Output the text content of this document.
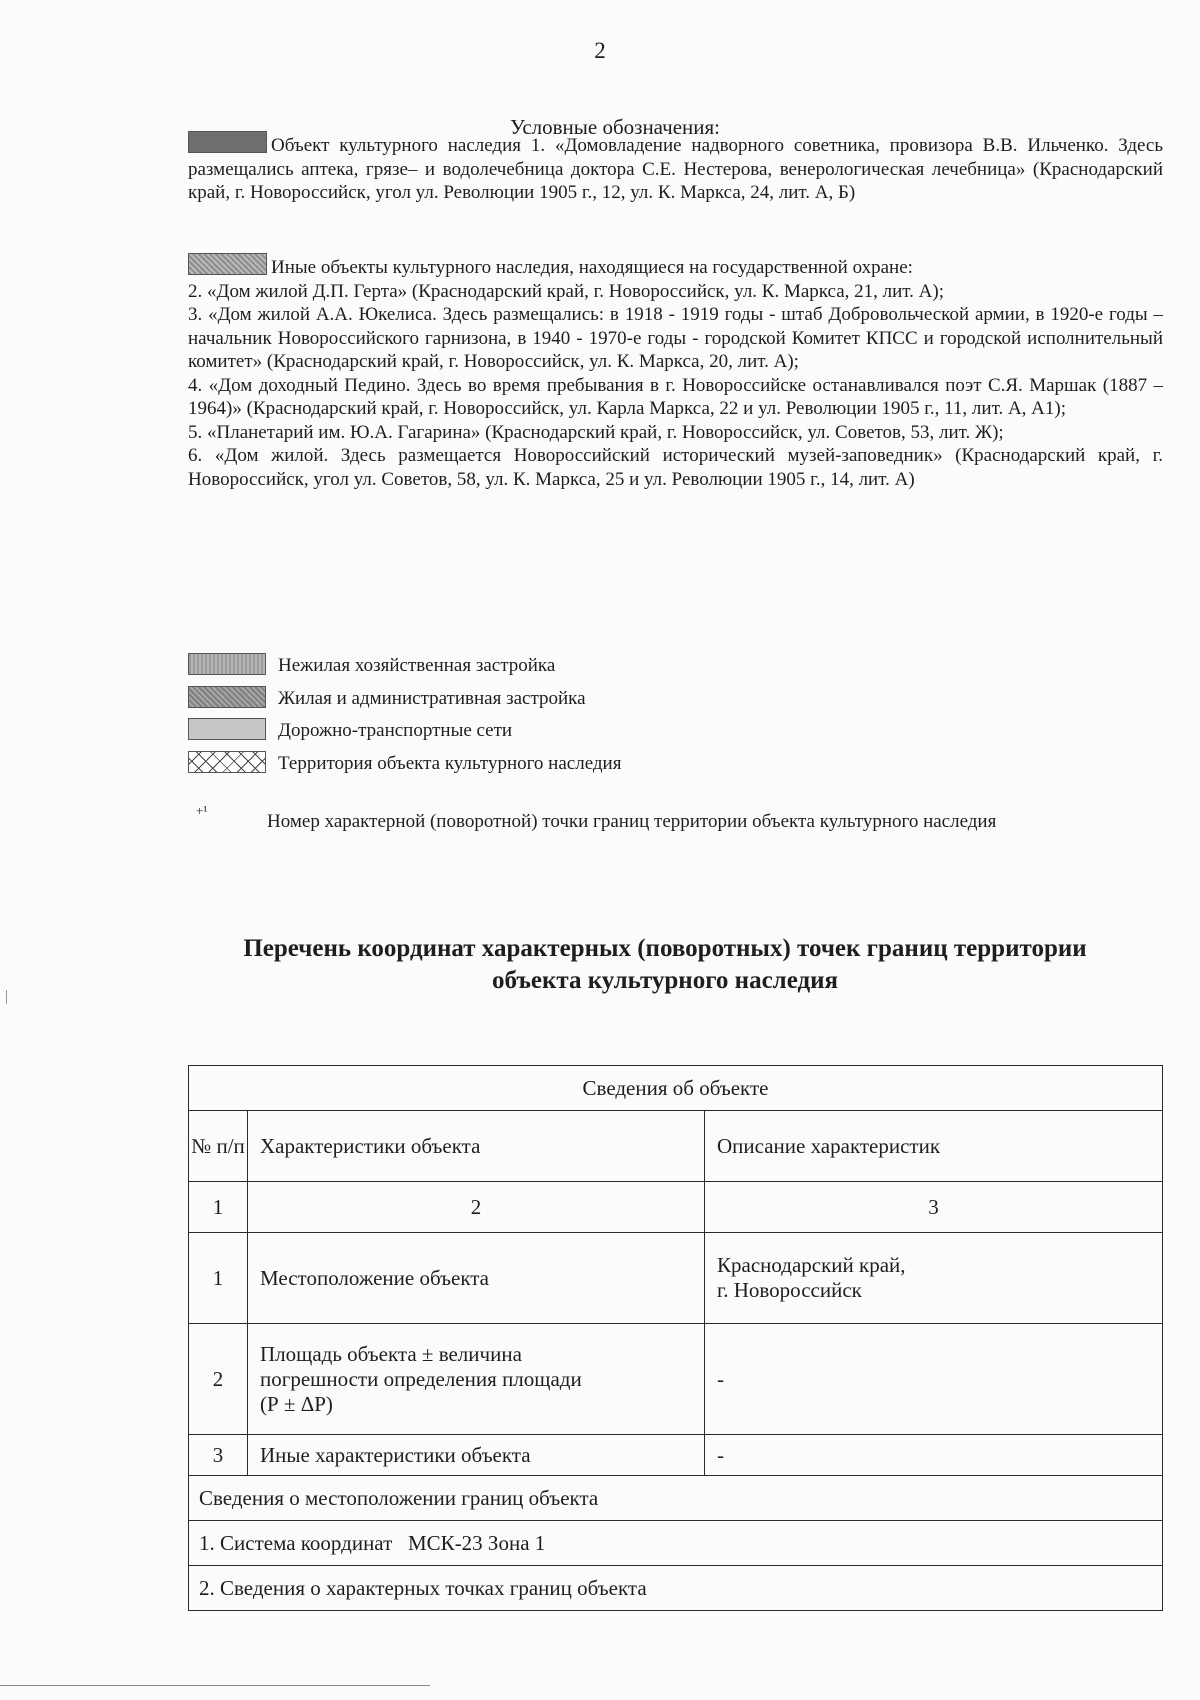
2
Условные обозначения:

Объект культурного наследия 1. «Домовладение надворного советника, провизора В.В. Ильченко. Здесь размещались аптека, грязе– и водолечебница доктора С.Е. Нестерова, венерологическая лечебница» (Краснодарский край, г. Новороссийск, угол ул. Революции 1905 г., 12, ул. К. Маркса, 24, лит. А, Б)

Иные объекты культурного наследия, находящиеся на государственной охране:

2. «Дом жилой Д.П. Герта» (Краснодарский край, г. Новороссийск, ул. К. Маркса, 21, лит. А);

3. «Дом жилой А.А. Юкелиса. Здесь размещались: в 1918 - 1919 годы - штаб Добровольческой армии, в 1920-е годы – начальник Новороссийского гарнизона, в 1940 - 1970-е годы - городской Комитет КПСС и городской исполнительный комитет» (Краснодарский край, г. Новороссийск, ул. К. Маркса, 20, лит. А);

4. «Дом доходный Педино. Здесь во время пребывания в г. Новороссийске останавливался поэт С.Я. Маршак (1887 – 1964)» (Краснодарский край, г. Новороссийск, ул. Карла Маркса, 22 и ул. Революции 1905 г., 11, лит. А, А1);

5. «Планетарий им. Ю.А. Гагарина» (Краснодарский край, г. Новороссийск, ул. Советов, 53, лит. Ж);

6. «Дом жилой. Здесь размещается Новороссийский исторический музей-заповедник» (Краснодарский край, г. Новороссийск, угол ул. Советов, 58, ул. К. Маркса, 25 и ул. Революции 1905 г., 14, лит. А)

Нежилая хозяйственная застройка
Жилая и административная застройка
Дорожно-транспортные сети
Территория объекта культурного наследия
+¹
Номер характерной (поворотной) точки границ территории объекта культурного наследия
Перечень координат характерных (поворотных) точек границ территории
объекта культурного наследия
Сведения об объекте		
№ п/п	Характеристики объекта	Описание характеристик
1	2	3
1	Местоположение объекта	Краснодарский край,
г. Новороссийск

2	Площадь объекта ± величина
погрешности определения площади
(Р ± ΔР)	-
3	Иные характеристики объекта	-
Сведения о местоположении границ объекта		
1. Система координат   МСК-23 Зона 1		
2. Сведения о характерных точках границ объекта		
